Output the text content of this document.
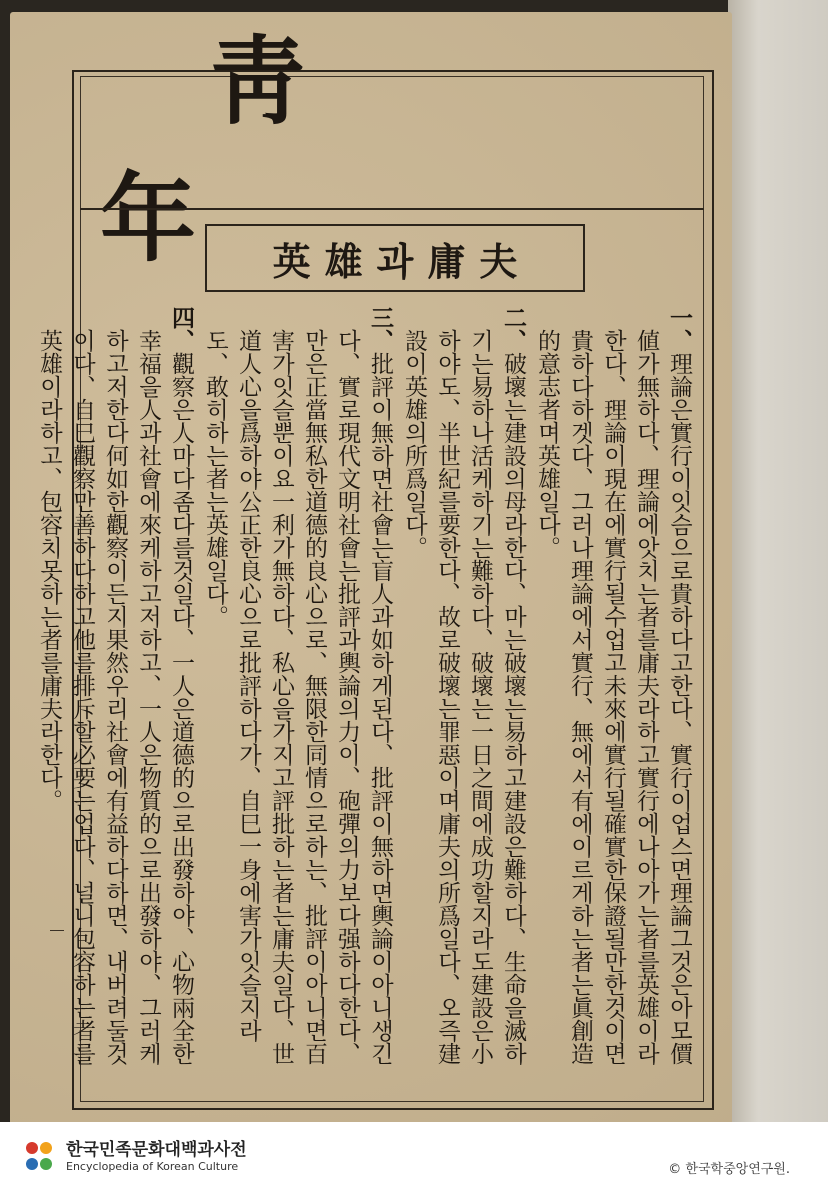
英雄과庸夫

一、理論은實行이잇슴으로貴하다고한다、實行이업스면理論그것은아모價値가無하다、理論에앗치는者를庸夫라하고實行에나아가는者를英雄이라한다、理論이現在에實行될수업고未來에實行될確實한保證될만한것이면貴하다하겟다、그러나理論에서實行、無에서有에이르게하는者는眞創造的意志者며英雄일다。

二、破壞는建設의母라한다、마는破壞는易하고建設은難하다、生命을滅하기는易하나活케하기는難하다、破壞는一日之間에成功할지라도建設은小하야도、半世紀를要한다、故로破壞는罪惡이며庸夫의所爲일다、오즉建設이英雄의所爲일다。

三、批評이無하면社會는盲人과如하게된다、批評이無하면輿論이아니생긴다、實로現代文明社會는批評과輿論의力이、砲彈의力보다强하다한다、만은正當無私한道德的良心으로、無限한同情으로하는、批評이아니면百害가잇슬뿐이요一利가無하다、私心을가지고評批하는者는庸夫일다、世道人心을爲하야公正한良心으로批評하다가、自巳一身에害가잇슬지라도、敢히하는者는英雄일다。

四、觀察은人마다좀다를것일다、一人은道德的으로出發하야、心物兩全한幸福을人과社會에來케하고저하고、一人은物質的으로出發하야、그러케하고저한다何如한觀察이든지果然우리社會에有益하다하면、내버려둘것이다、自巳觀察만善하다하고他를排斥할必要는업다、널니包容하는者를英雄이라하고、包容치못하는者를庸夫라한다。

한국민족문화대백과사전
Encyclopedia of Korean Culture	© 한국학중앙연구원.
